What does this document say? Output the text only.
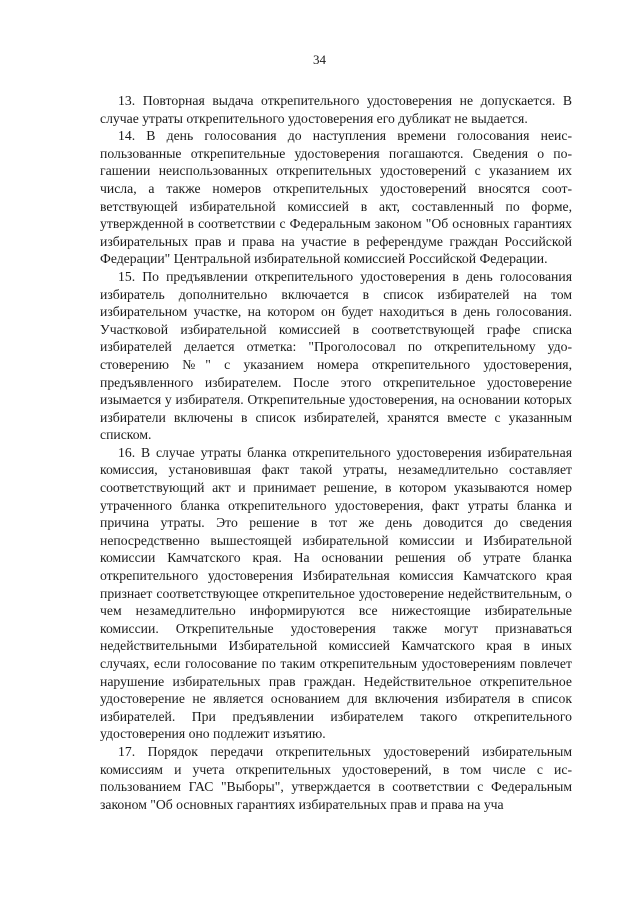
34

13. Повторная выдача открепительного удостоверения не допускается. В случае утраты открепительного удостоверения его дубликат не выдается.

14. В день голосования до наступления времени голосования неиспользованные открепительные удостоверения погашаются. Сведения о погашении неиспользованных открепительных удостоверений с указанием их числа, а также номеров открепительных удостоверений вносятся соответствующей избирательной комиссией в акт, составленный по форме, утвержденной в соответствии с Федеральным законом "Об основных гарантиях избирательных прав и права на участие в референдуме граждан Российской Федерации" Центральной избирательной комиссией Российской Федерации.

15. По предъявлении открепительного удостоверения в день голосования избиратель дополнительно включается в список избирателей на том избирательном участке, на котором он будет находиться в день голосования. Участковой избирательной комиссией в соответствующей графе списка избирателей делается отметка: "Проголосовал по открепительному удостоверению №" с указанием номера открепительного удостоверения, предъявленного избирателем. После этого открепительное удостоверение изымается у избирателя. Открепительные удостоверения, на основании которых избиратели включены в список избирателей, хранятся вместе с указанным списком.

16. В случае утраты бланка открепительного удостоверения избирательная комиссия, установившая факт такой утраты, незамедлительно составляет соответствующий акт и принимает решение, в котором указываются номер утраченного бланка открепительного удостоверения, факт утраты бланка и причина утраты. Это решение в тот же день доводится до сведения непосредственно вышестоящей избирательной комиссии и Избирательной комиссии Камчатского края. На основании решения об утрате бланка открепительного удостоверения Избирательная комиссия Камчатского края признает соответствующее открепительное удостоверение недействительным, о чем незамедлительно информируются все нижестоящие избирательные комиссии. Открепительные удостоверения также могут признаваться недействительными Избирательной комиссией Камчатского края в иных случаях, если голосование по таким открепительным удостоверениям повлечет нарушение избирательных прав граждан. Недействительное открепительное удостоверение не является основанием для включения избирателя в список избирателей. При предъявлении избирателем такого открепительного удостоверения оно подлежит изъятию.

17. Порядок передачи открепительных удостоверений избирательным комиссиям и учета открепительных удостоверений, в том числе с использованием ГАС "Выборы", утверждается в соответствии с Федеральным законом "Об основных гарантиях избирательных прав и права на уча
